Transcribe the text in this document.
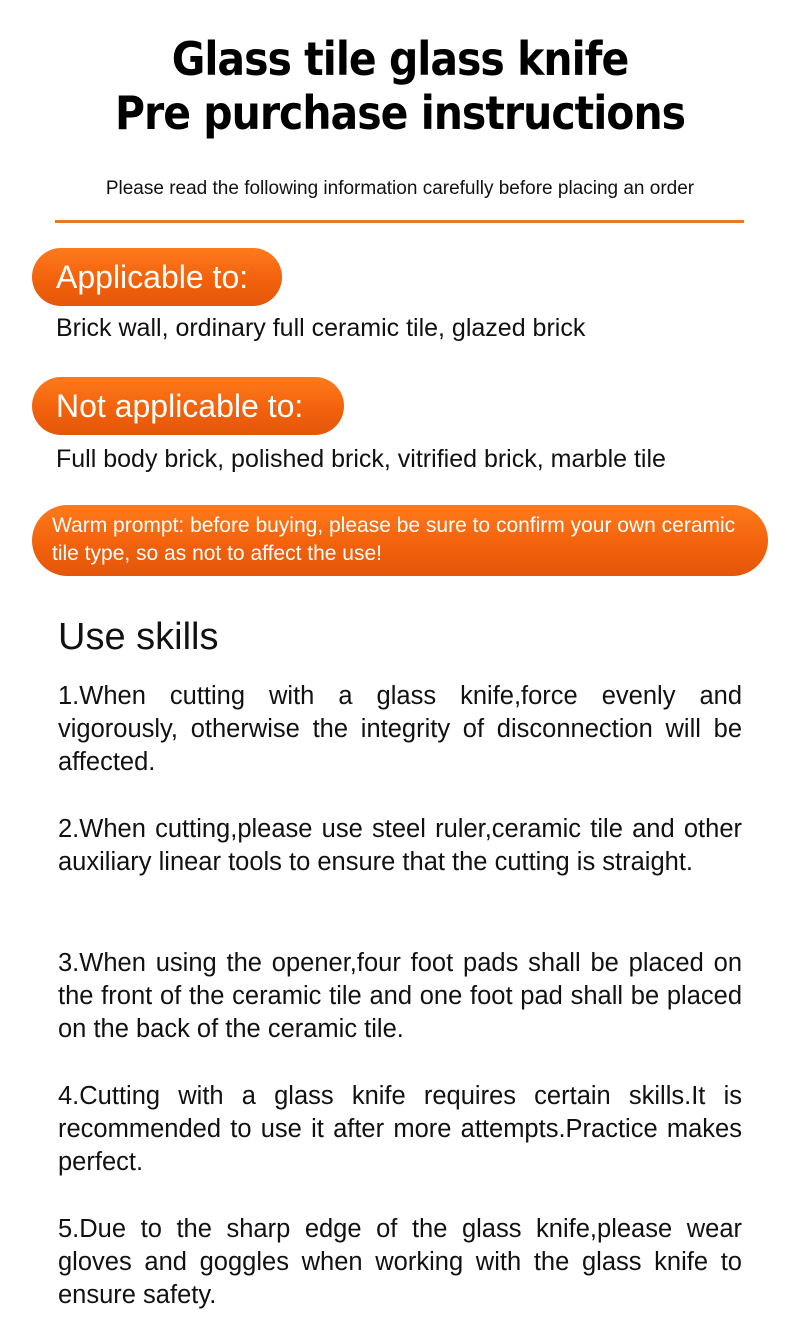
Glass tile glass knife
Pre purchase instructions
Please read the following information carefully before placing an order
Applicable to:
Brick wall, ordinary full ceramic tile, glazed brick
Not applicable to:
Full body brick, polished brick, vitrified brick, marble tile
Warm prompt: before buying, please be sure to confirm your own ceramic tile type, so as not to affect the use!
Use skills
1.When cutting with a glass knife,force evenly and vigorously, otherwise the integrity of disconnection will be affected.
2.When cutting,please use steel ruler,ceramic tile and other auxiliary linear tools to ensure that the cutting is straight.
3.When using the opener,four foot pads shall be placed on the front of the ceramic tile and one foot pad shall be placed on the back of the ceramic tile.
4.Cutting with a glass knife requires certain skills.It is recommended to use it after more attempts.Practice makes perfect.
5.Due to the sharp edge of the glass knife,please wear gloves and goggles when working with the glass knife to ensure safety.
